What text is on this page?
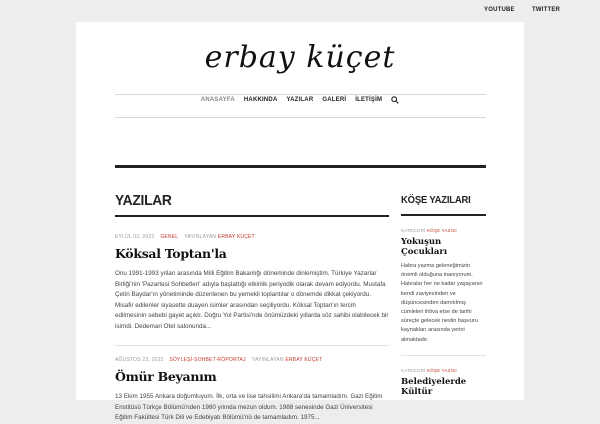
YOUTUBE	TWITTER
erbay küçet
ANASAYFA HAKKINDA YAZILAR GALERİ İLETİŞİM
YAZILAR
EYLÜL 03, 2023 GENEL YAYINLAYAN ERBAY KÜÇET
Köksal Toptan'la

Onu 1991-1993 yılları arasında Milli Eğitim Bakanlığı döneminde dinlemiştim. Türkiye Yazarlar Birliği'nin 'Pazartesi Sohbetleri' adıyla başlattığı etkinlik periyodik olarak devam ediyordu. Mustafa Çetin Baydar'ın yönetiminde düzenlenen bu yemekli toplantılar o dönemde dikkat çekiyordu. Misafir edilenler siyasette duayen isimler arasından seçiliyordu. Köksal Toptan'ın tercih edilmesinin sebebi gayet açıktı. Doğru Yol Partisi'nde önümüzdeki yıllarda söz sahibi olabilecek bir isimdi. Dedeman Otel salonunda...

AĞUSTOS 23, 2023 SÖYLEŞİ-SOHBET-RÖPORTAJ YAYINLAYAN ERBAY KÜÇET
Ömür Beyanım

13 Ekim 1955 Ankara doğumluyum. İlk, orta ve lise tahsilimi Ankara'da tamamladım. Gazi Eğitim Enstitüsü Türkçe Bölümü'nden 1980 yılında mezun oldum. 1988 senesinde Gazi Üniversitesi Eğitim Fakültesi Türk Dili ve Edebiyatı Bölümü'nü de tamamladım. 1975...

KÖŞE YAZILARI
KATEGORİ KÖŞE YAZISI
Yokuşun Çocukları

Habra yazma geleneğimizin önemli olduğuna inanıyorum. Hatıralar her ne kadar yaşayanın kendi zaviyesinden ve düşüncesinden damıtılmış cümleleri ihtiva etse de tarihi süreçte gelecek neslin başvuru kaynakları arasında yerini almaktadır.

KATEGORİ KÖŞE YAZISI
Belediyelerde Kültür
